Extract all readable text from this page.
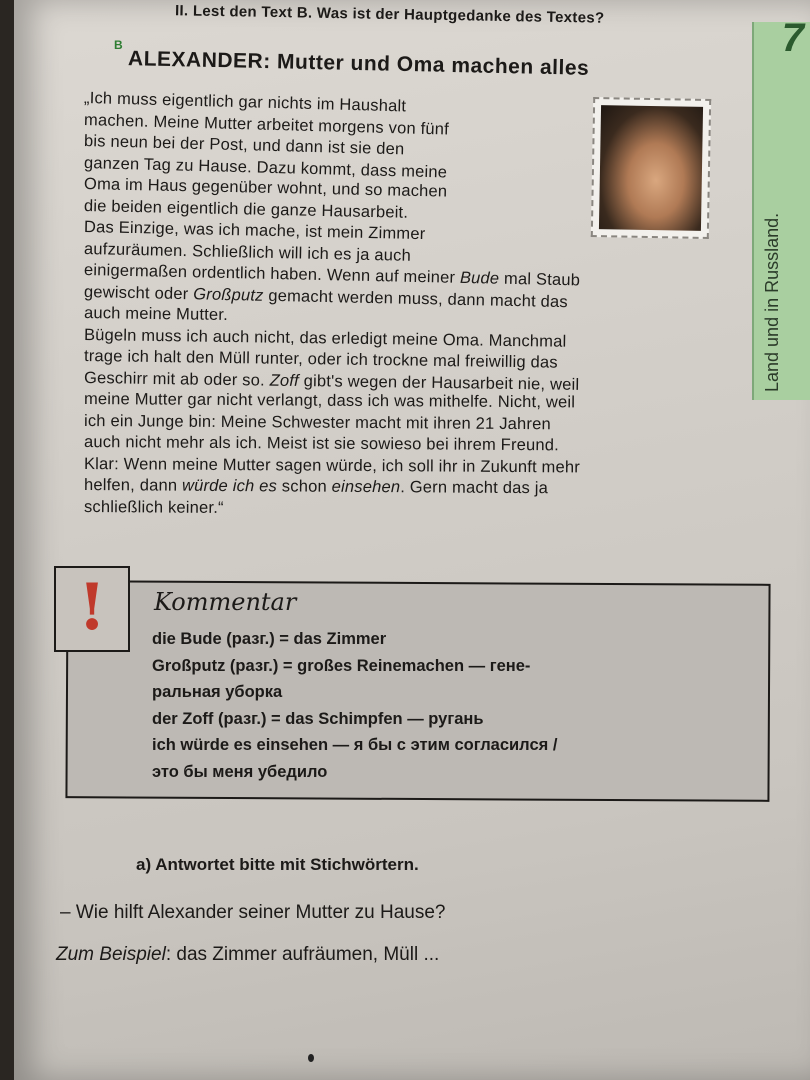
7
Land und in Russland.
II. Lest den Text B. Was ist der Hauptgedanke des Textes?
B
ALEXANDER: Mutter und Oma machen alles
„Ich muss eigentlich gar nichts im Haushalt
machen. Meine Mutter arbeitet morgens von fünf
bis neun bei der Post, und dann ist sie den
ganzen Tag zu Hause. Dazu kommt, dass meine
Oma im Haus gegenüber wohnt, und so machen
die beiden eigentlich die ganze Hausarbeit.
Das Einzige, was ich mache, ist mein Zimmer
aufzuräumen. Schließlich will ich es ja auch
einigermaßen ordentlich haben. Wenn auf meiner Bude mal Staub
gewischt oder Großputz gemacht werden muss, dann macht das
auch meine Mutter.
Bügeln muss ich auch nicht, das erledigt meine Oma. Manchmal
trage ich halt den Müll runter, oder ich trockne mal freiwillig das
Geschirr mit ab oder so. Zoff gibt's wegen der Hausarbeit nie, weil
meine Mutter gar nicht verlangt, dass ich was mithelfe. Nicht, weil
ich ein Junge bin: Meine Schwester macht mit ihren 21 Jahren
auch nicht mehr als ich. Meist ist sie sowieso bei ihrem Freund.
Klar: Wenn meine Mutter sagen würde, ich soll ihr in Zukunft mehr
helfen, dann würde ich es schon einsehen. Gern macht das ja
schließlich keiner.“
! Kommentar
die Bude (разг.) = das Zimmer
Großputz (разг.) = großes Reinemachen — гене-
ральная уборка
der Zoff (разг.) = das Schimpfen — ругань
ich würde es einsehen — я бы с этим согласился /
это бы меня убедило
a) Antwortet bitte mit Stichwörtern.
– Wie hilft Alexander seiner Mutter zu Hause?
Zum Beispiel: das Zimmer aufräumen, Müll ...
